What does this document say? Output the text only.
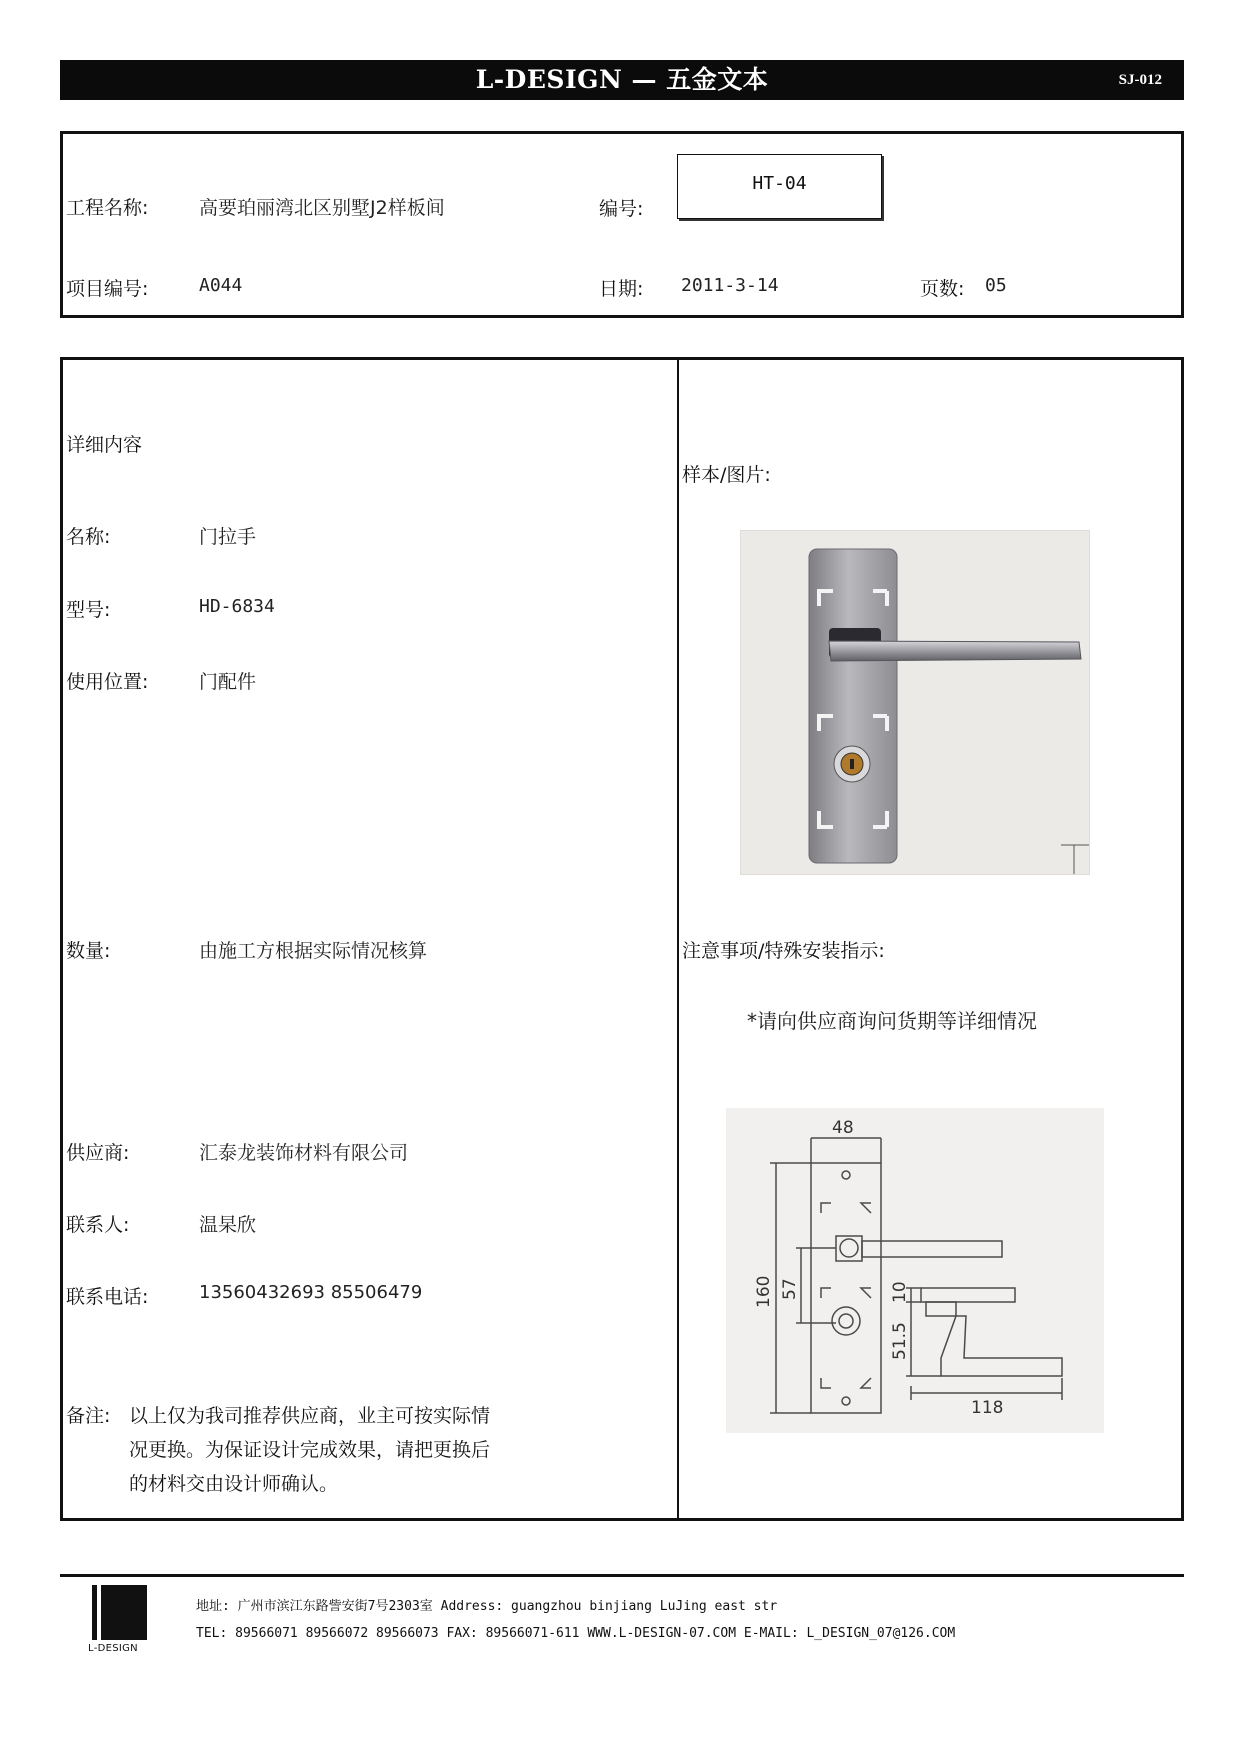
L-DESIGN — 五金文本	SJ-012
工程名称:	高要珀丽湾北区别墅J2样板间	编号:
HT-04
项目编号:	A044	日期: 2011-3-14	页数: 05
详细内容
名称:	门拉手
型号:	HD-6834
使用位置:	门配件
数量:	由施工方根据实际情况核算
供应商:	汇泰龙装饰材料有限公司
联系人:	温杲欣
联系电话:	13560432693 85506479
备注: 以上仅为我司推荐供应商，业主可按实际情
况更换。为保证设计完成效果，请把更换后
的材料交由设计师确认。
样本/图片:
注意事项/特殊安装指示:
*请向供应商询问货期等详细情况
48
160 57	10
51.5
118
L-DESIGN
地址: 广州市滨江东路訾安街7号2303室 Address: guangzhou binjiang LuJing east str
TEL: 89566071 89566072 89566073 FAX: 89566071-611 WWW.L-DESIGN-07.COM E-MAIL: L_DESIGN_07@126.COM
